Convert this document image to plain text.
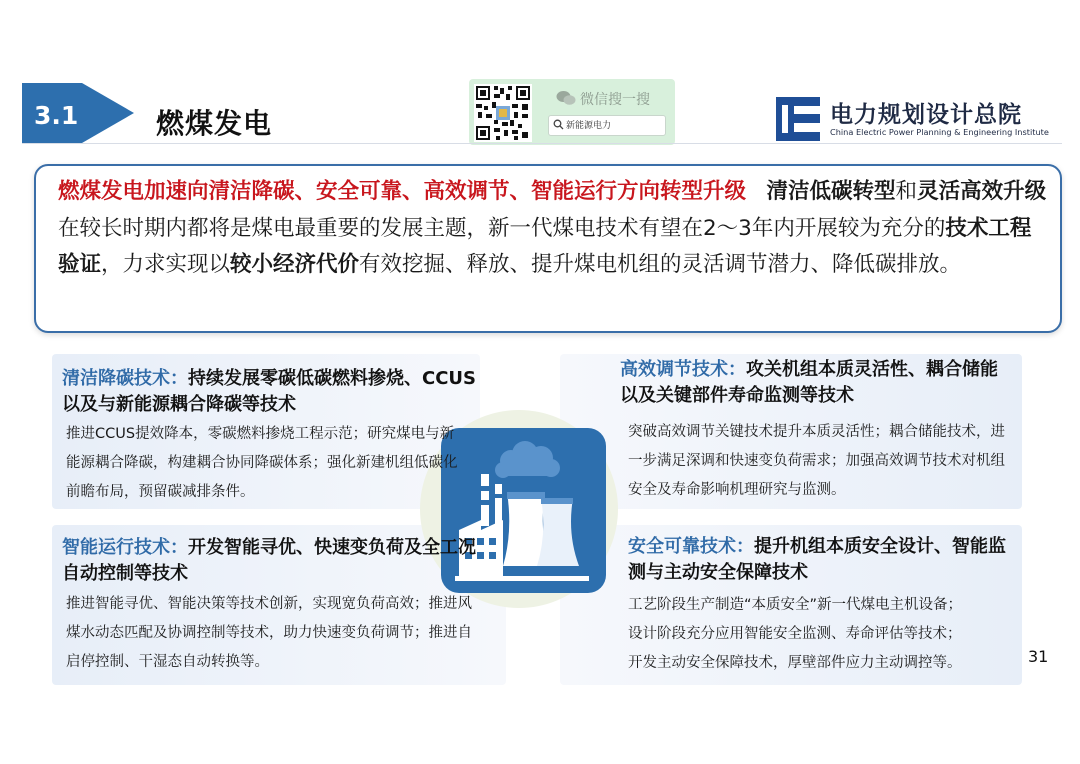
3.1	燃煤发电
微信搜一搜
新能源电力	电力规划设计总院
China Electric Power Planning & Engineering Institute
燃煤发电加速向清洁降碳、安全可靠、高效调节、智能运行方向转型升级 清洁低碳转型和灵活高效升级在较长时期内都将是煤电最重要的发展主题，新一代煤电技术有望在2～3年内开展较为充分的技术工程验证，力求实现以较小经济代价有效挖掘、释放、提升煤电机组的灵活调节潜力、降低碳排放。
清洁降碳技术：持续发展零碳低碳燃料掺烧、CCUS以及与新能源耦合降碳等技术
推进CCUS提效降本，零碳燃料掺烧工程示范；研究煤电与新能源耦合降碳，构建耦合协同降碳体系；强化新建机组低碳化前瞻布局，预留碳减排条件。
高效调节技术：攻关机组本质灵活性、耦合储能以及关键部件寿命监测等技术
突破高效调节关键技术提升本质灵活性；耦合储能技术，进一步满足深调和快速变负荷需求；加强高效调节技术对机组安全及寿命影响机理研究与监测。
智能运行技术：开发智能寻优、快速变负荷及全工况自动控制等技术
推进智能寻优、智能决策等技术创新，实现宽负荷高效；推进风煤水动态匹配及协调控制等技术，助力快速变负荷调节；推进自启停控制、干湿态自动转换等。
安全可靠技术：提升机组本质安全设计、智能监测与主动安全保障技术
工艺阶段生产制造“本质安全”新一代煤电主机设备；
设计阶段充分应用智能安全监测、寿命评估等技术；
开发主动安全保障技术，厚壁部件应力主动调控等。	31
